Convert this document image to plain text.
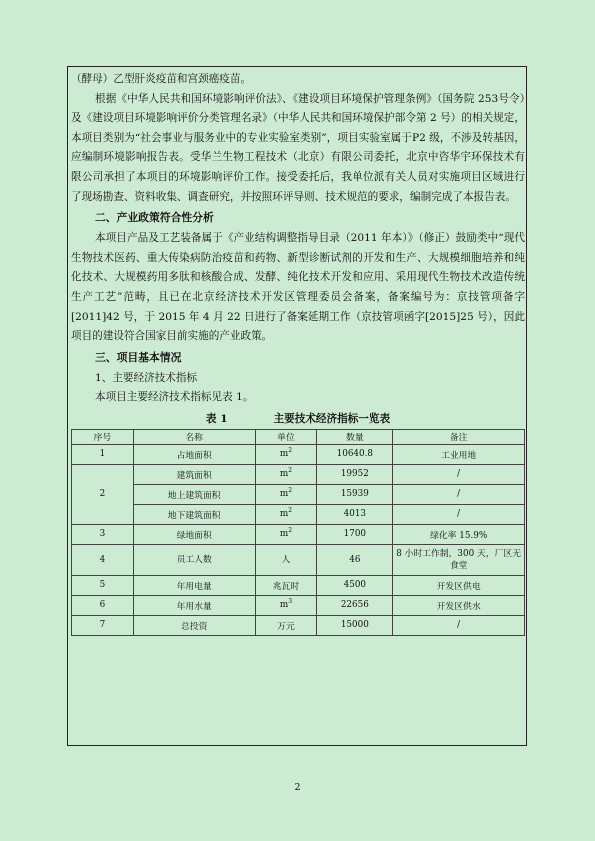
（酵母）乙型肝炎疫苗和宫颈癌疫苗。

根据《中华人民共和国环境影响评价法》、《建设项目环境保护管理条例》（国务院 253号令）及《建设项目环境影响评价分类管理名录》（中华人民共和国环境保护部令第 2 号）的相关规定，本项目类别为“社会事业与服务业中的专业实验室类别”，项目实验室属于P2 级，不涉及转基因，应编制环境影响报告表。受华兰生物工程技术（北京）有限公司委托，北京中咨华宇环保技术有限公司承担了本项目的环境影响评价工作。接受委托后，我单位派有关人员对实施项目区域进行了现场勘查、资料收集、调查研究，并按照环评导则、技术规范的要求，编制完成了本报告表。

二、产业政策符合性分析

本项目产品及工艺装备属于《产业结构调整指导目录（2011 年本）》（修正）鼓励类中“现代生物技术医药、重大传染病防治疫苗和药物、新型诊断试剂的开发和生产、大规模细胞培养和纯化技术、大规模药用多肽和核酸合成、发酵、纯化技术开发和应用、采用现代生物技术改造传统生产工艺”范畴，且已在北京经济技术开发区管理委员会备案，备案编号为：京技管项备字[2011]42 号，于 2015 年 4 月 22 日进行了备案延期工作（京技管项函字[2015]25 号），因此项目的建设符合国家目前实施的产业政策。

三、项目基本情况

1、主要经济技术指标

本项目主要经济技术指标见表 1。

表 1	主要技术经济指标一览表
序号	名称	单位	数量	备注
1	占地面积	$m^2$	10640.8	工业用地
2	建筑面积	$m^2$	19952	/
	地上建筑面积	$m^2$	15939	/
	地下建筑面积	$m^2$	4013	/
3	绿地面积	$m^2$	1700	绿化率 15.9%
4	员工人数	人	46	8 小时工作制，300 天，厂区无食堂
5	年用电量	兆瓦时	4500	开发区供电
6	年用水量	$m^3$	22656	开发区供水
7	总投资	万元	15000	/
2
